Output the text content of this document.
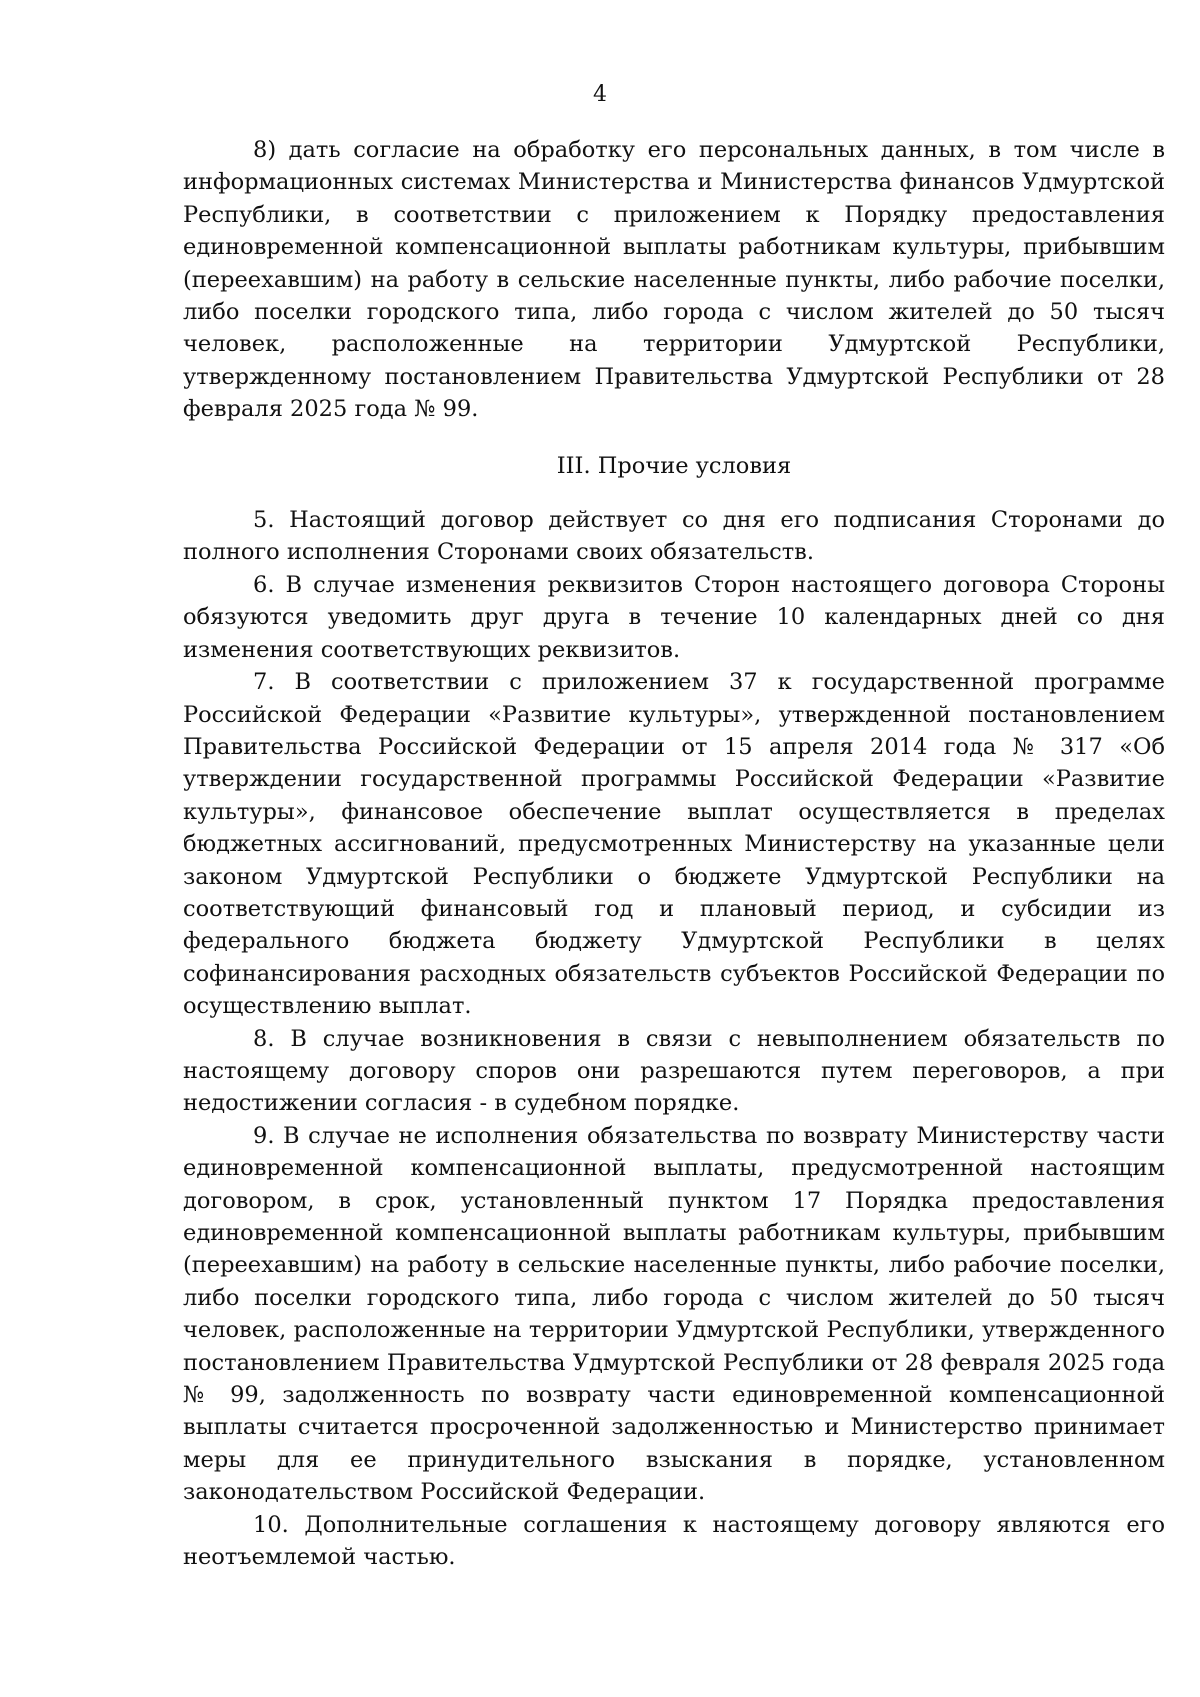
4

8) дать согласие на обработку его персональных данных, в том числе в информационных системах Министерства и Министерства финансов Удмуртской Республики, в соответствии с приложением к Порядку предоставления единовременной компенсационной выплаты работникам культуры, прибывшим (переехавшим) на работу в сельские населенные пункты, либо рабочие поселки, либо поселки городского типа, либо города с числом жителей до 50 тысяч человек, расположенные на территории Удмуртской Республики, утвержденному постановлением Правительства Удмуртской Республики от 28 февраля 2025 года № 99.

III. Прочие условия

5. Настоящий договор действует со дня его подписания Сторонами до полного исполнения Сторонами своих обязательств.

6. В случае изменения реквизитов Сторон настоящего договора Стороны обязуются уведомить друг друга в течение 10 календарных дней со дня изменения соответствующих реквизитов.

7. В соответствии с приложением 37 к государственной программе Российской Федерации «Развитие культуры», утвержденной постановлением Правительства Российской Федерации от 15 апреля 2014 года № 317 «Об утверждении государственной программы Российской Федерации «Развитие культуры», финансовое обеспечение выплат осуществляется в пределах бюджетных ассигнований, предусмотренных Министерству на указанные цели законом Удмуртской Республики о бюджете Удмуртской Республики на соответствующий финансовый год и плановый период, и субсидии из федерального бюджета бюджету Удмуртской Республики в целях софинансирования расходных обязательств субъектов Российской Федерации по осуществлению выплат.

8. В случае возникновения в связи с невыполнением обязательств по настоящему договору споров они разрешаются путем переговоров, а при недостижении согласия - в судебном порядке.

9. В случае не исполнения обязательства по возврату Министерству части единовременной компенсационной выплаты, предусмотренной настоящим договором, в срок, установленный пунктом 17 Порядка предоставления единовременной компенсационной выплаты работникам культуры, прибывшим (переехавшим) на работу в сельские населенные пункты, либо рабочие поселки, либо поселки городского типа, либо города с числом жителей до 50 тысяч человек, расположенные на территории Удмуртской Республики, утвержденного постановлением Правительства Удмуртской Республики от 28 февраля 2025 года № 99, задолженность по возврату части единовременной компенсационной выплаты считается просроченной задолженностью и Министерство принимает меры для ее принудительного взыскания в порядке, установленном законодательством Российской Федерации.

10. Дополнительные соглашения к настоящему договору являются его неотъемлемой частью.
